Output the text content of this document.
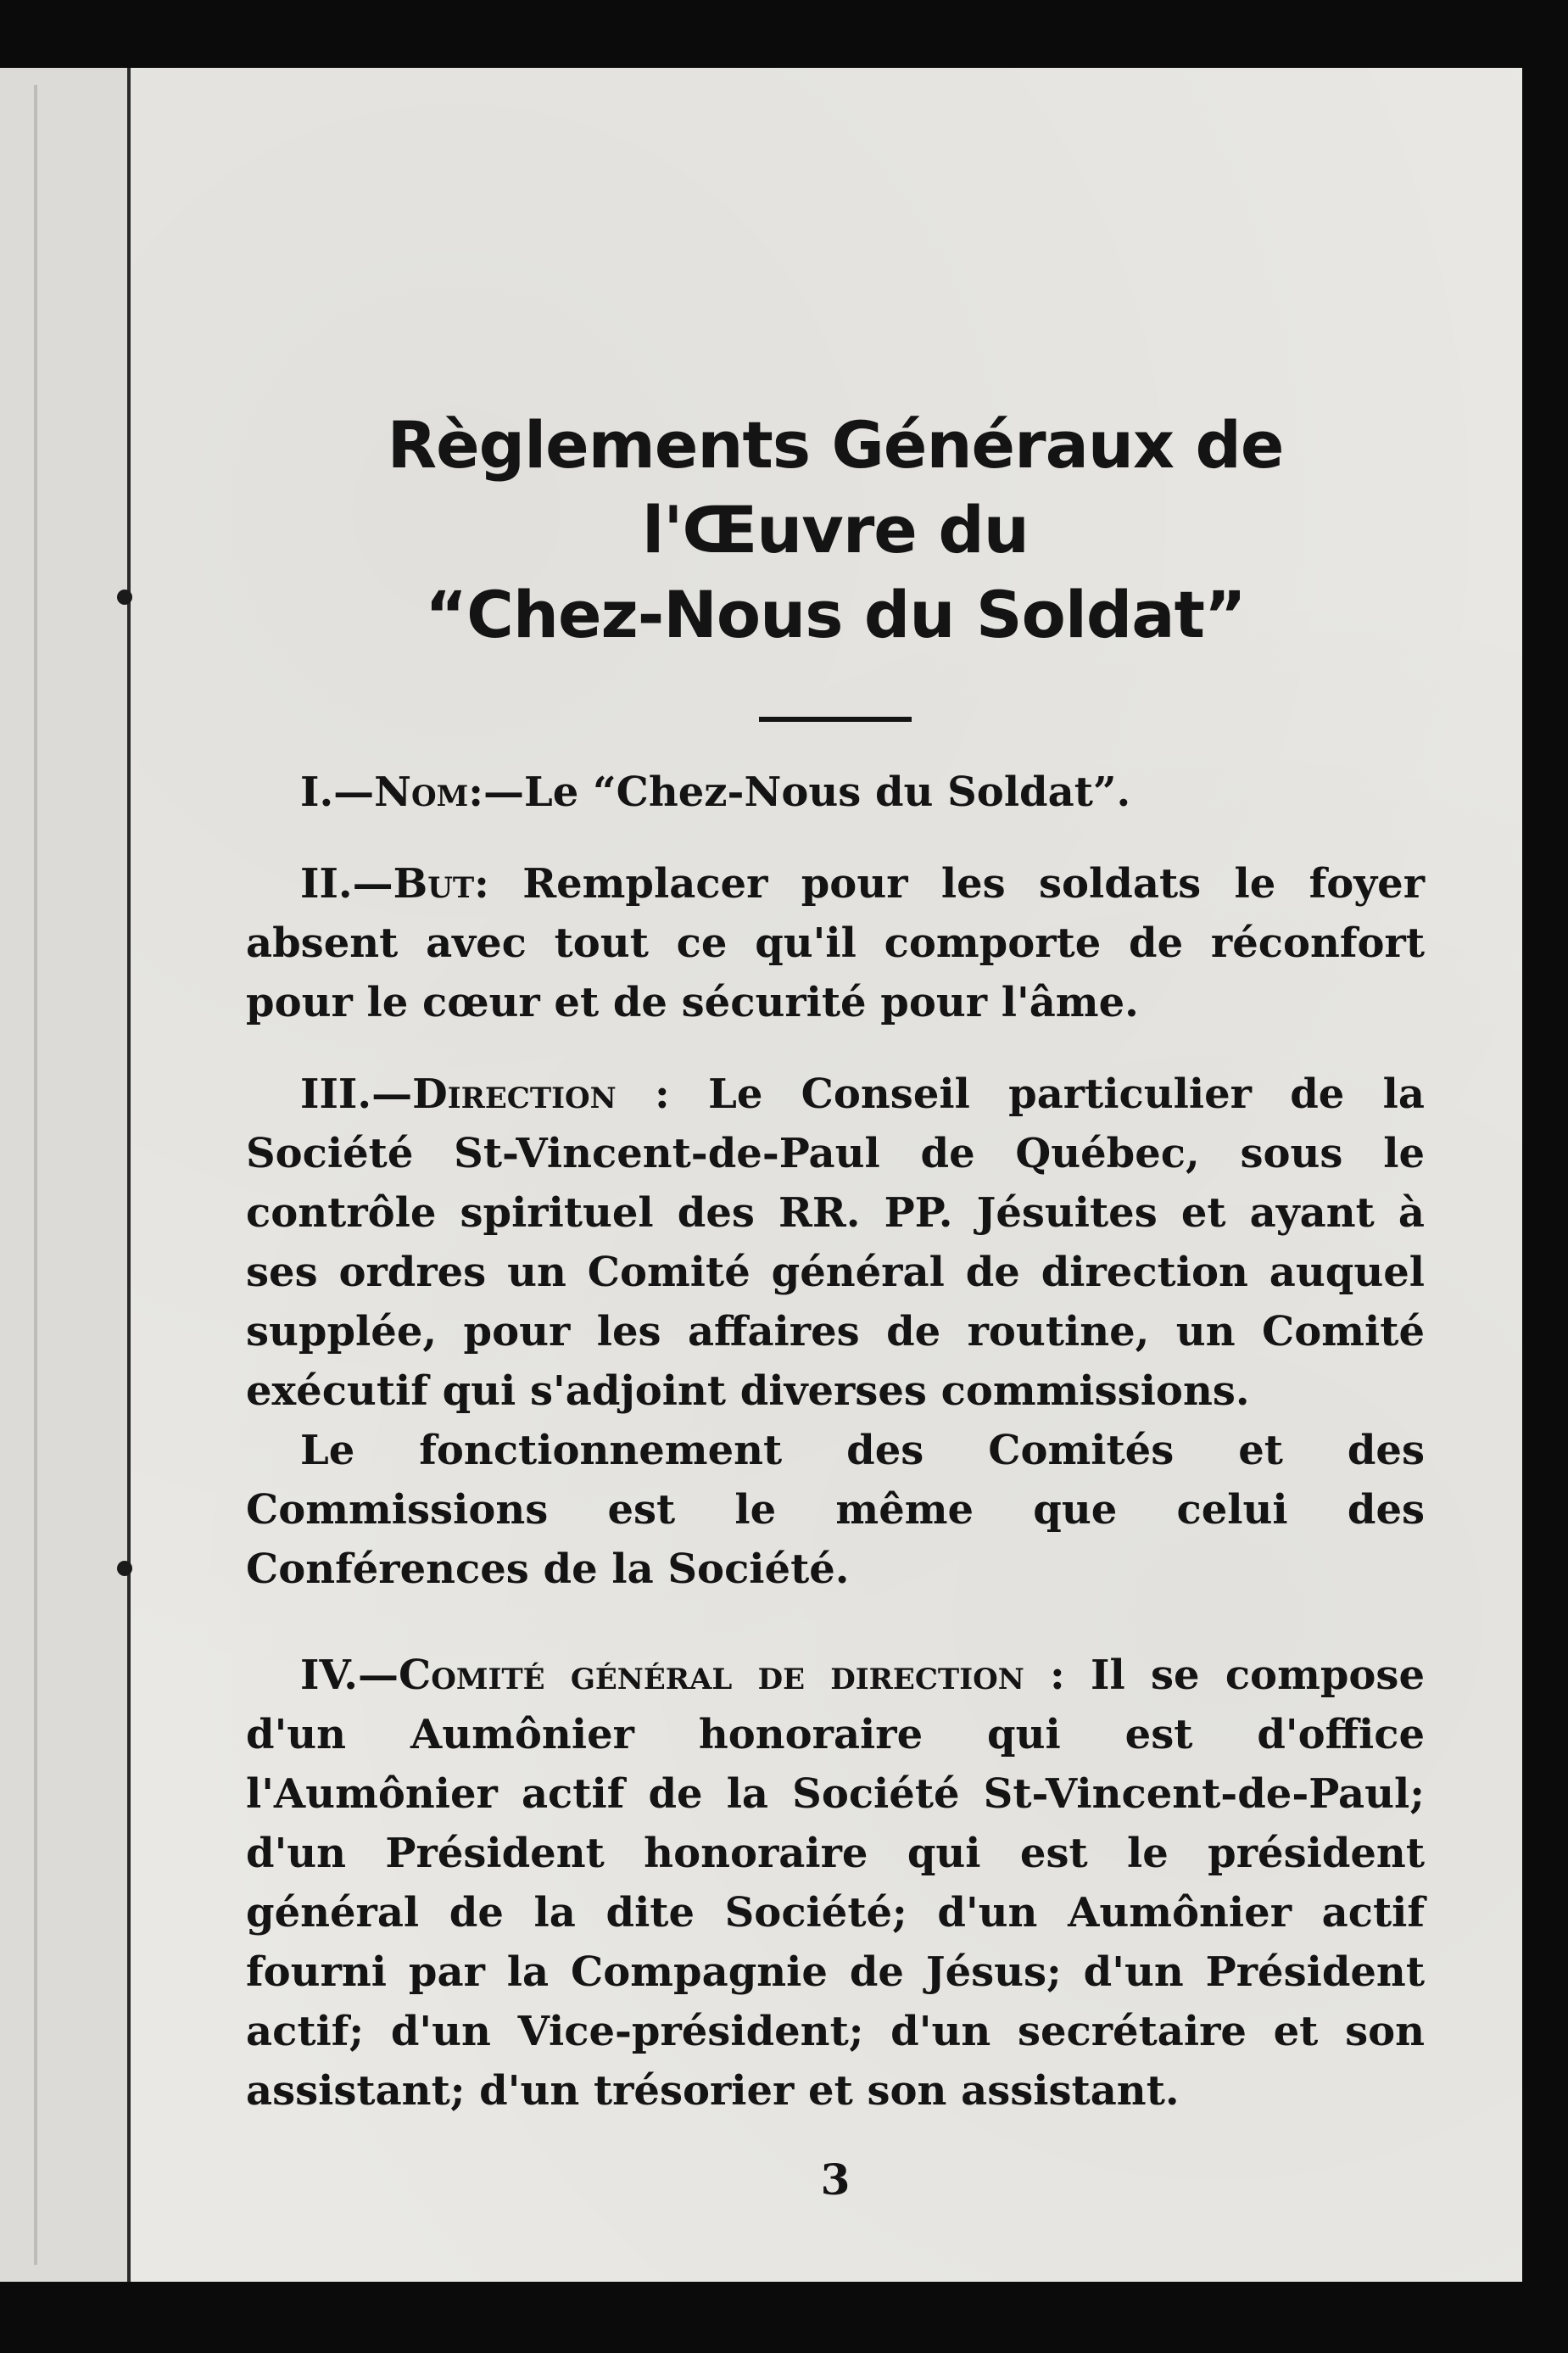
Règlements Généraux de l'Œuvre du
“Chez-Nous du Soldat”

I.—Nom:—Le “Chez-Nous du Soldat”.

II.—But: Remplacer pour les soldats le foyer absent avec tout ce qu'il comporte de réconfort pour le cœur et de sécurité pour l'âme.

III.—Direction : Le Conseil particulier de la Société St-Vincent-de-Paul de Québec, sous le contrôle spirituel des RR. PP. Jésuites et ayant à ses ordres un Comité général de direction auquel supplée, pour les affaires de routine, un Comité exécutif qui s'adjoint diverses commissions.

Le fonctionnement des Comités et des Commissions est le même que celui des Conférences de la Société.

IV.—Comité général de direction : Il se compose d'un Aumônier honoraire qui est d'office l'Aumônier actif de la Société St-Vincent-de-Paul; d'un Président honoraire qui est le président général de la dite Société; d'un Aumônier actif fourni par la Compagnie de Jésus; d'un Président actif; d'un Vice-président; d'un secrétaire et son assistant; d'un trésorier et son assistant.

3
